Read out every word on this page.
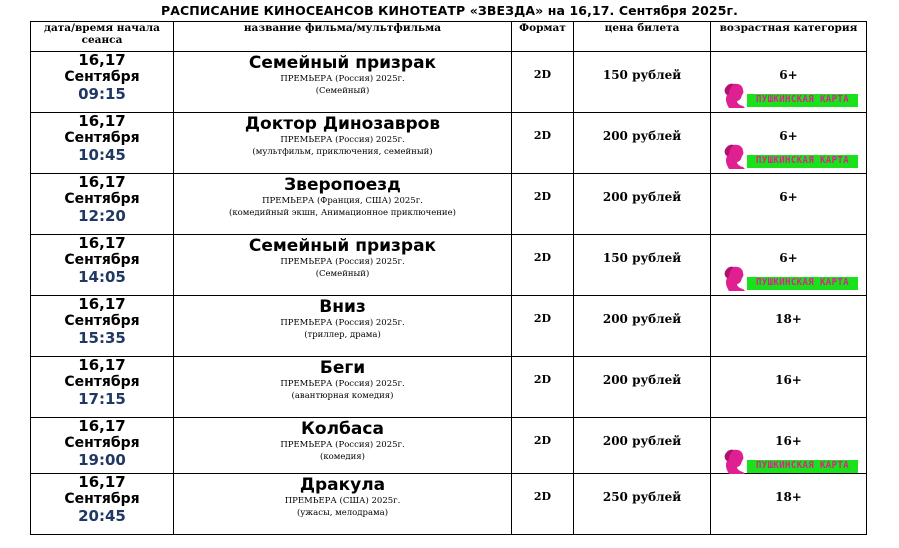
РАСПИСАНИЕ КИНОСЕАНСОВ КИНОТЕАТР «ЗВЕЗДА» на 16,17. Сентября 2025г.
дата/время начала сеанса	название фильма/мультфильма	Формат	цена билета	возрастная категория

16,17
Сентября
09:15	Семейный призрак
ПРЕМЬЕРА (Россия) 2025г.
(Семейный)	2D	150 рублей	6+
ПУШКИНСКАЯ КАРТА

16,17
Сентября
10:45	Доктор Динозавров
ПРЕМЬЕРА (Россия) 2025г.
(мультфильм, приключения, семейный)	2D	200 рублей	6+
ПУШКИНСКАЯ КАРТА

16,17
Сентября
12:20	Зверопоезд
ПРЕМЬЕРА (Франция, США) 2025г.
(комедийный экшн, Анимационное приключение)	2D	200 рублей	6+

16,17
Сентября
14:05	Семейный призрак
ПРЕМЬЕРА (Россия) 2025г.
(Семейный)	2D	150 рублей	6+
ПУШКИНСКАЯ КАРТА

16,17
Сентября
15:35	Вниз
ПРЕМЬЕРА (Россия) 2025г.
(триллер, драма)	2D	200 рублей	18+

16,17
Сентября
17:15	Беги
ПРЕМЬЕРА (Россия) 2025г.
(авантюрная комедия)	2D	200 рублей	16+

16,17
Сентября
19:00	Колбаса
ПРЕМЬЕРА (Россия) 2025г.
(комедия)	2D	200 рублей	16+
ПУШКИНСКАЯ КАРТА

16,17
Сентября
20:45	Дракула
ПРЕМЬЕРА (США) 2025г.
(ужасы, мелодрама)	2D	250 рублей	18+
